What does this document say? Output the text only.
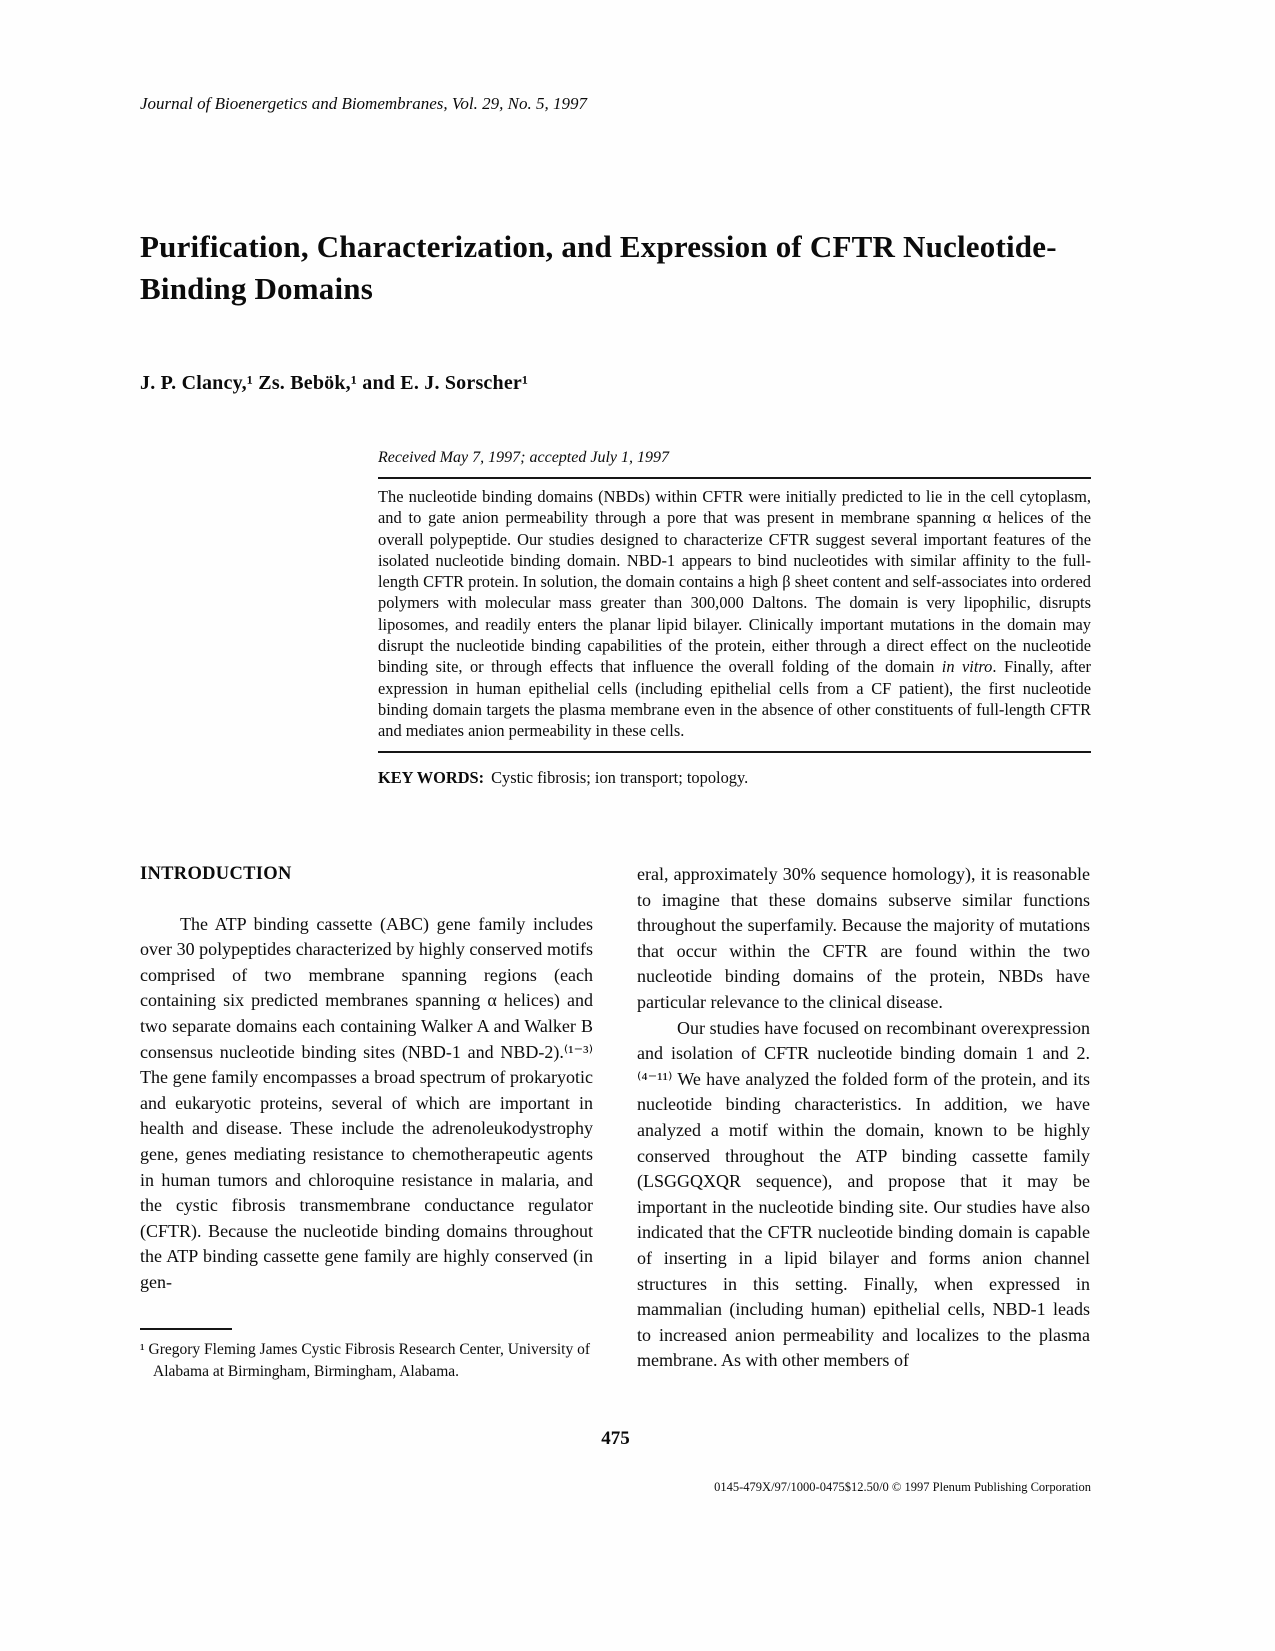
Journal of Bioenergetics and Biomembranes, Vol. 29, No. 5, 1997
Purification, Characterization, and Expression of CFTR Nucleotide-Binding Domains
J. P. Clancy,¹ Zs. Bebök,¹ and E. J. Sorscher¹
Received May 7, 1997; accepted July 1, 1997

The nucleotide binding domains (NBDs) within CFTR were initially predicted to lie in the cell cytoplasm, and to gate anion permeability through a pore that was present in membrane spanning α helices of the overall polypeptide. Our studies designed to characterize CFTR suggest several important features of the isolated nucleotide binding domain. NBD-1 appears to bind nucleotides with similar affinity to the full-length CFTR protein. In solution, the domain contains a high β sheet content and self-associates into ordered polymers with molecular mass greater than 300,000 Daltons. The domain is very lipophilic, disrupts liposomes, and readily enters the planar lipid bilayer. Clinically important mutations in the domain may disrupt the nucleotide binding capabilities of the protein, either through a direct effect on the nucleotide binding site, or through effects that influence the overall folding of the domain in vitro. Finally, after expression in human epithelial cells (including epithelial cells from a CF patient), the first nucleotide binding domain targets the plasma membrane even in the absence of other constituents of full-length CFTR and mediates anion permeability in these cells.

KEY WORDS: Cystic fibrosis; ion transport; topology.

INTRODUCTION

The ATP binding cassette (ABC) gene family includes over 30 polypeptides characterized by highly conserved motifs comprised of two membrane spanning regions (each containing six predicted membranes spanning α helices) and two separate domains each containing Walker A and Walker B consensus nucleotide binding sites (NBD-1 and NBD-2).⁽¹⁻³⁾ The gene family encompasses a broad spectrum of prokaryotic and eukaryotic proteins, several of which are important in health and disease. These include the adrenoleukodystrophy gene, genes mediating resistance to chemotherapeutic agents in human tumors and chloroquine resistance in malaria, and the cystic fibrosis transmembrane conductance regulator (CFTR). Because the nucleotide binding domains throughout the ATP binding cassette gene family are highly conserved (in gen-

eral, approximately 30% sequence homology), it is reasonable to imagine that these domains subserve similar functions throughout the superfamily. Because the majority of mutations that occur within the CFTR are found within the two nucleotide binding domains of the protein, NBDs have particular relevance to the clinical disease.

Our studies have focused on recombinant overexpression and isolation of CFTR nucleotide binding domain 1 and 2.⁽⁴⁻¹¹⁾ We have analyzed the folded form of the protein, and its nucleotide binding characteristics. In addition, we have analyzed a motif within the domain, known to be highly conserved throughout the ATP binding cassette family (LSGGQXQR sequence), and propose that it may be important in the nucleotide binding site. Our studies have also indicated that the CFTR nucleotide binding domain is capable of inserting in a lipid bilayer and forms anion channel structures in this setting. Finally, when expressed in mammalian (including human) epithelial cells, NBD-1 leads to increased anion permeability and localizes to the plasma membrane. As with other members of

¹ Gregory Fleming James Cystic Fibrosis Research Center, University of Alabama at Birmingham, Birmingham, Alabama.

475
0145-479X/97/1000-0475$12.50/0 © 1997 Plenum Publishing Corporation
